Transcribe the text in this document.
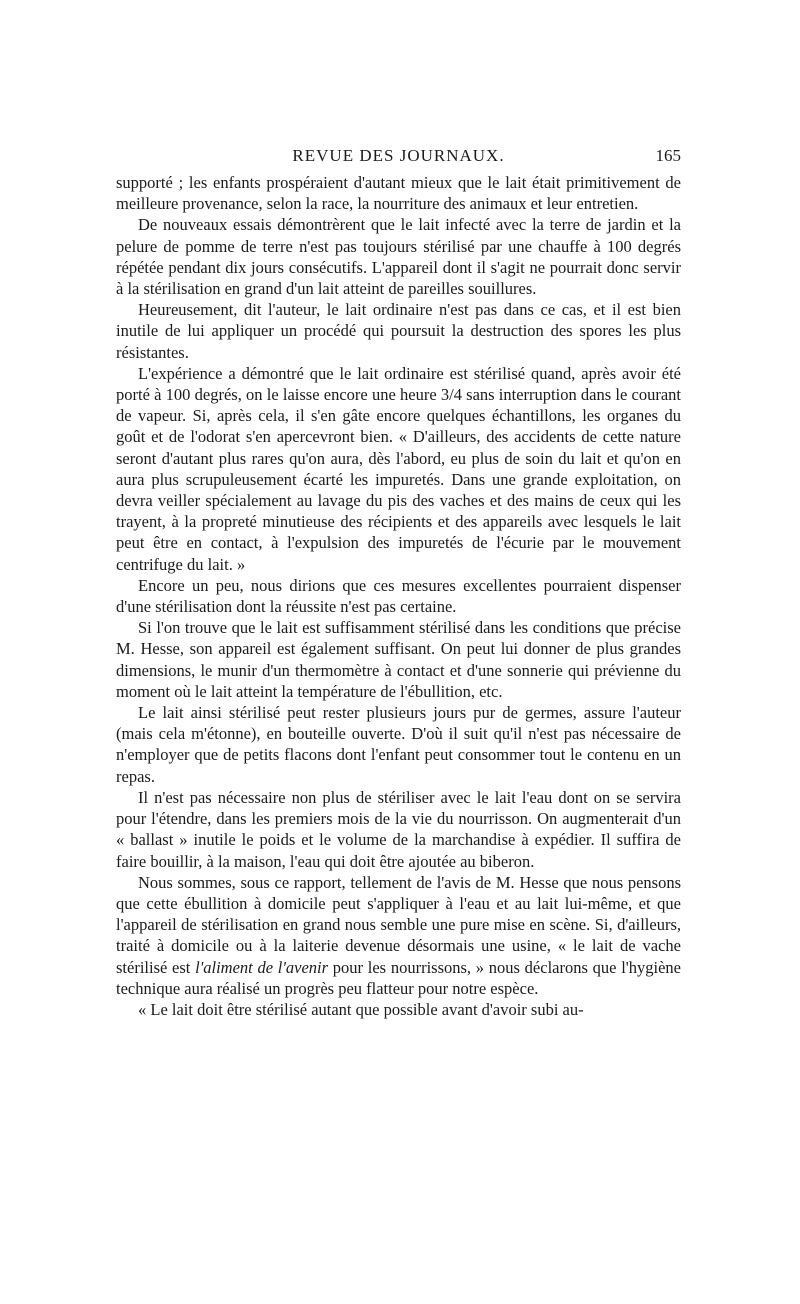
REVUE DES JOURNAUX.	165

supporté ; les enfants prospéraient d'autant mieux que le lait était primitivement de meilleure provenance, selon la race, la nourriture des animaux et leur entretien.

De nouveaux essais démontrèrent que le lait infecté avec la terre de jardin et la pelure de pomme de terre n'est pas toujours stérilisé par une chauffe à 100 degrés répétée pendant dix jours consécutifs. L'appareil dont il s'agit ne pourrait donc servir à la stérilisation en grand d'un lait atteint de pareilles souillures.

Heureusement, dit l'auteur, le lait ordinaire n'est pas dans ce cas, et il est bien inutile de lui appliquer un procédé qui poursuit la destruction des spores les plus résistantes.

L'expérience a démontré que le lait ordinaire est stérilisé quand, après avoir été porté à 100 degrés, on le laisse encore une heure 3/4 sans interruption dans le courant de vapeur. Si, après cela, il s'en gâte encore quelques échantillons, les organes du goût et de l'odorat s'en apercevront bien. « D'ailleurs, des accidents de cette nature seront d'autant plus rares qu'on aura, dès l'abord, eu plus de soin du lait et qu'on en aura plus scrupuleusement écarté les impuretés. Dans une grande exploitation, on devra veiller spécialement au lavage du pis des vaches et des mains de ceux qui les trayent, à la propreté minutieuse des récipients et des appareils avec lesquels le lait peut être en contact, à l'expulsion des impuretés de l'écurie par le mouvement centrifuge du lait. »

Encore un peu, nous dirions que ces mesures excellentes pourraient dispenser d'une stérilisation dont la réussite n'est pas certaine.

Si l'on trouve que le lait est suffisamment stérilisé dans les conditions que précise M. Hesse, son appareil est également suffisant. On peut lui donner de plus grandes dimensions, le munir d'un thermomètre à contact et d'une sonnerie qui prévienne du moment où le lait atteint la température de l'ébullition, etc.

Le lait ainsi stérilisé peut rester plusieurs jours pur de germes, assure l'auteur (mais cela m'étonne), en bouteille ouverte. D'où il suit qu'il n'est pas nécessaire de n'employer que de petits flacons dont l'enfant peut consommer tout le contenu en un repas.

Il n'est pas nécessaire non plus de stériliser avec le lait l'eau dont on se servira pour l'étendre, dans les premiers mois de la vie du nourrisson. On augmenterait d'un « ballast » inutile le poids et le volume de la marchandise à expédier. Il suffira de faire bouillir, à la maison, l'eau qui doit être ajoutée au biberon.

Nous sommes, sous ce rapport, tellement de l'avis de M. Hesse que nous pensons que cette ébullition à domicile peut s'appliquer à l'eau et au lait lui-même, et que l'appareil de stérilisation en grand nous semble une pure mise en scène. Si, d'ailleurs, traité à domicile ou à la laiterie devenue désormais une usine, « le lait de vache stérilisé est l'aliment de l'avenir pour les nourrissons, » nous déclarons que l'hygiène technique aura réalisé un progrès peu flatteur pour notre espèce.

« Le lait doit être stérilisé autant que possible avant d'avoir subi au-
